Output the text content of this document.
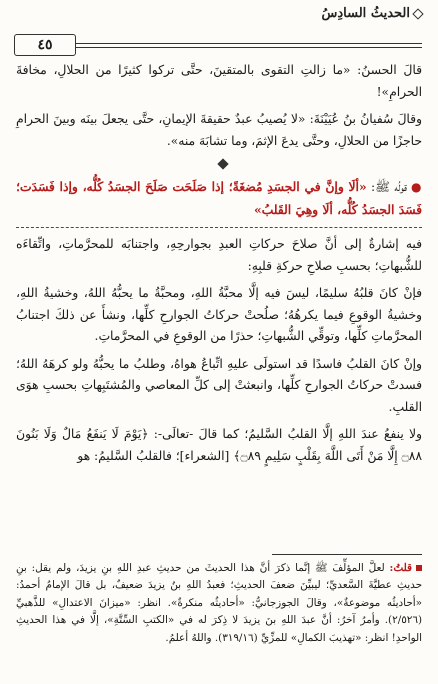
الحديثُ السادِسُ
٤٥

قالَ الحسنُ: «ما زالتِ التقوى بالمتقينَ، حتَّى تركوا كثيرًا من الحلالِ، مخافةَ الحرامِ»!

وقالَ سُفيانُ بنُ عُيَيْنَةَ: «لا يُصيبُ عبدٌ حقيقةَ الإيمانِ، حتَّى يجعلَ بينَه وبينَ الحرامِ حاجزًا من الحلالِ، وحتَّى يدعَ الإثمَ، وما تشابَهَ منه».

●قولُه ﷺ: «ألَا وإنَّ في الجسَدِ مُضغَةً؛ إذا صَلَحَت صَلَحَ الجسَدُ كُلُّه، وإذا فَسَدَت؛ فَسَدَ الجسَدُ كُلُّه، ألَا وهِيَ القَلبُ»

فيه إشارةٌ إلى أنَّ صلاحَ حركاتِ العبدِ بجوارحِهِ، واجتنابَه للمحرَّماتِ، واتِّقاءَه للشُّبهاتِ؛ بحسبِ صلاحِ حركةِ قلبِهِ:

فإنْ كانَ قلبُهُ سليمًا، ليسَ فيه إلَّا محبَّةُ اللهِ، ومحبَّةُ ما يحبُّهُ اللهُ، وخشيةُ اللهِ، وخشيةُ الوقوعِ فيما يكرهُهُ؛ صلُحتْ حركاتُ الجوارحِ كلِّها، ونشأَ عن ذلكَ اجتنابُ المحرَّماتِ كلِّها، وتوقِّي الشُّبهاتِ؛ حذرًا من الوقوعِ في المحرَّماتِ.

وإنْ كانَ القلبُ فاسدًا قد استولَى عليهِ اتِّباعُ هواهُ، وطلبُ ما يحبُّهُ ولو كرهَهُ اللهُ؛ فسدتْ حركاتُ الجوارحِ كلِّها، وانبعثتْ إلى كلِّ المعاصي والمُشتَبِهاتِ بحسبِ هوَى القلبِ.

ولا ينفعُ عندَ اللهِ إلَّا القلبُ السَّليمُ؛ كما قالَ -تعالَى-: ﴿يَوْمَ لَا يَنفَعُ مَالٌ وَلَا بَنُونَ ۝٨٨ إِلَّا مَنْ أَتَى اللَّهَ بِقَلْبٍ سَلِيمٍ ۝٨٩﴾ [الشعراء]؛ فالقلبُ السَّليمُ: هو

قلتُ: لعلَّ المؤلِّفَ ﷺ إنَّما ذكرَ أنَّ هذا الحديثَ من حديثِ عبدِ اللهِ بنِ يزيدَ، ولم يقل: بنِ حديثِ عطيَّةَ السَّعديِّ؛ ليبيِّنَ ضعفَ الحديثِ؛ فعبدُ اللهِ بنُ يزيدَ ضعيفٌ، بل قالَ الإمامُ أحمدُ: «أحاديثُه موضوعةٌ»، وقالَ الجوزجانيُّ: «أحاديثُه منكرةٌ». انظر: «ميزانَ الاعتدالِ» للذَّهبيِّ (٢/٥٢٦). وأمرُ آخرُ: أنَّ عبدَ اللهِ بنَ يزيدَ لا ذِكرَ له في «الكتبِ السِّتَّةِ»، إلَّا في هذا الحديثِ الواحدِ! انظر: «تهذيبَ الكمالِ» للمزِّيِّ (٣١٩/١٦). واللهُ أعلمُ.
